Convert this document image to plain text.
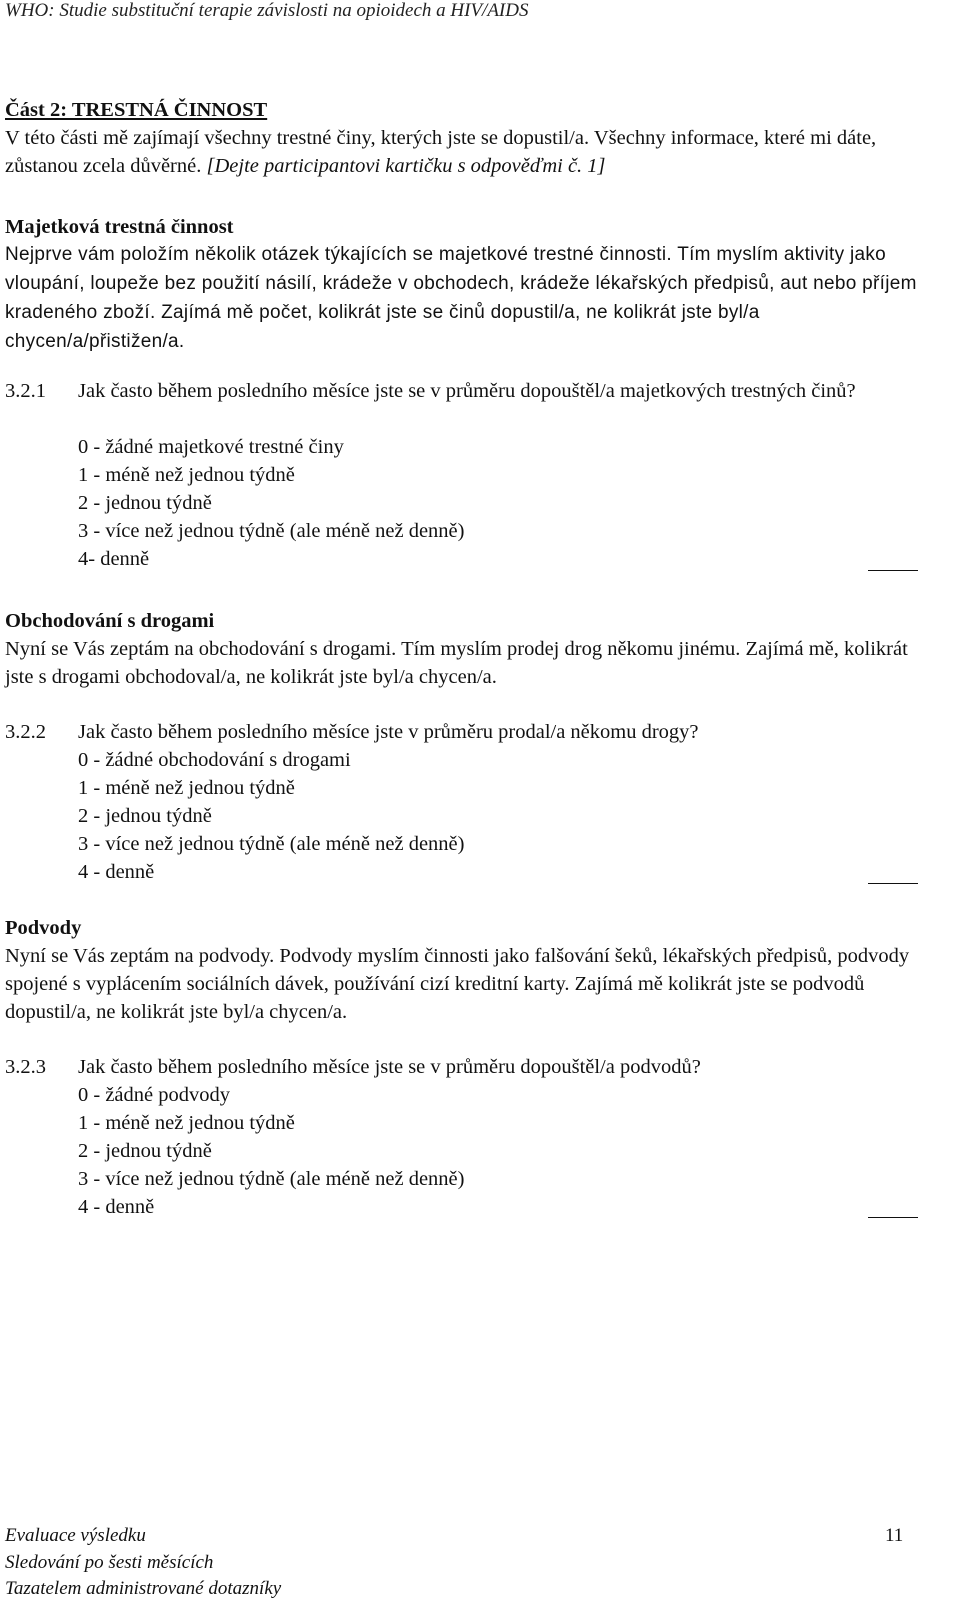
WHO: Studie substituční terapie závislosti na opioidech a HIV/AIDS
Část 2: TRESTNÁ ČINNOST
V této části mě zajímají všechny trestné činy, kterých jste se dopustil/a. Všechny informace, které mi dáte, zůstanou zcela důvěrné. [Dejte participantovi kartičku s odpověďmi č. 1]
Majetková trestná činnost
Nejprve vám položím několik otázek týkajících se majetkové trestné činnosti. Tím myslím aktivity jako vloupání, loupeže bez použití násilí, krádeže v obchodech, krádeže lékařských předpisů, aut nebo příjem kradeného zboží. Zajímá mě počet, kolikrát jste se činů dopustil/a, ne kolikrát jste byl/a chycen/a/přistižen/a.
3.2.1 Jak často během posledního měsíce jste se v průměru dopouštěl/a majetkových trestných činů?
0 - žádné majetkové trestné činy
1 - méně než jednou týdně
2 - jednou týdně
3 - více než jednou týdně (ale méně než denně)
4- denně
Obchodování s drogami
Nyní se Vás zeptám na obchodování s drogami. Tím myslím prodej drog někomu jinému. Zajímá mě, kolikrát jste s drogami obchodoval/a, ne kolikrát jste byl/a chycen/a.
3.2.2 Jak často během posledního měsíce jste v průměru prodal/a někomu drogy?
0 - žádné obchodování s drogami
1 - méně než jednou týdně
2 - jednou týdně
3 - více než jednou týdně (ale méně než denně)
4 - denně
Podvody
Nyní se Vás zeptám na podvody. Podvody myslím činnosti jako falšování šeků, lékařských předpisů, podvody spojené s vyplácením sociálních dávek, používání cizí kreditní karty. Zajímá mě kolikrát jste se podvodů dopustil/a, ne kolikrát jste byl/a chycen/a.
3.2.3 Jak často během posledního měsíce jste se v průměru dopouštěl/a podvodů?
0 - žádné podvody
1 - méně než jednou týdně
2 - jednou týdně
3 - více než jednou týdně (ale méně než denně)
4 - denně
Evaluace výsledku
Sledování po šesti měsících
Tazatelem administrované dotazníky
11
